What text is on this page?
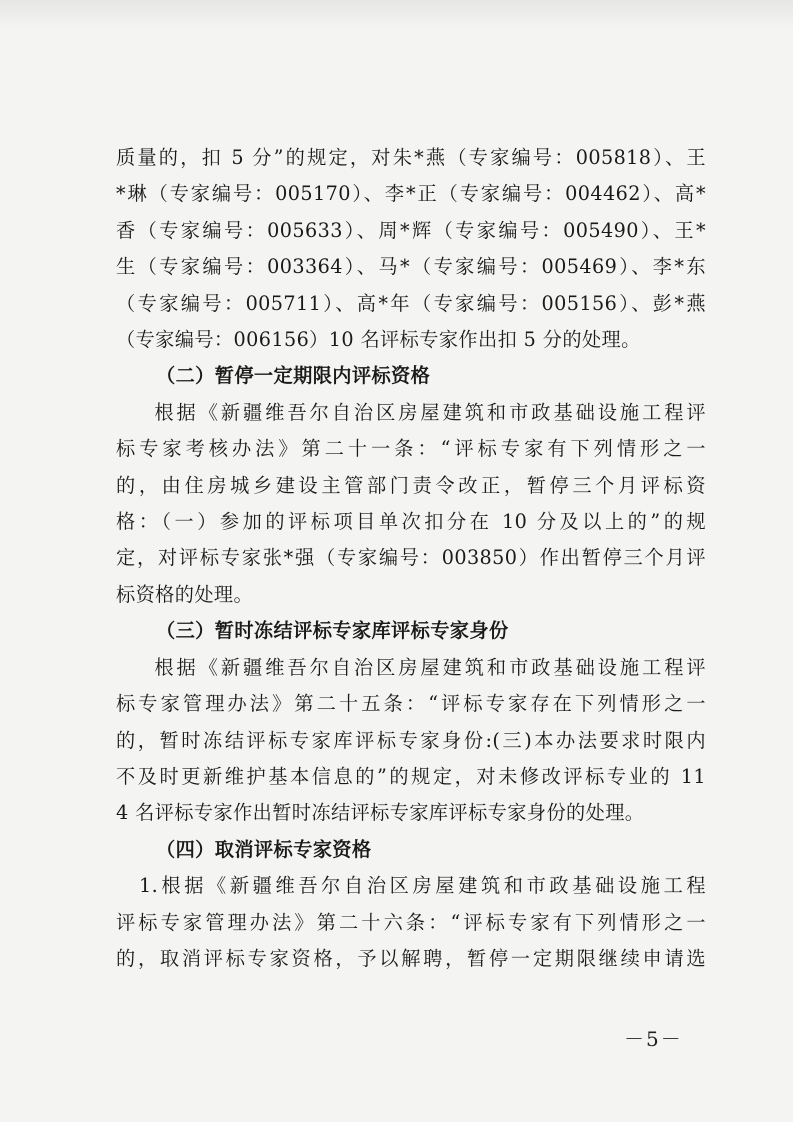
质量的，扣 5 分”的规定，对朱*燕（专家编号：005818）、王

*琳（专家编号：005170）、李*正（专家编号：004462）、高*

香（专家编号：005633）、周*辉（专家编号：005490）、王*

生（专家编号：003364）、马*（专家编号：005469）、李*东

（专家编号：005711）、高*年（专家编号：005156）、彭*燕

（专家编号：006156）10 名评标专家作出扣 5 分的处理。

（二）暂停一定期限内评标资格

根据《新疆维吾尔自治区房屋建筑和市政基础设施工程评

标专家考核办法》第二十一条：“评标专家有下列情形之一

的，由住房城乡建设主管部门责令改正，暂停三个月评标资

格：（一）参加的评标项目单次扣分在 10 分及以上的”的规

定，对评标专家张*强（专家编号：003850）作出暂停三个月评

标资格的处理。

（三）暂时冻结评标专家库评标专家身份

根据《新疆维吾尔自治区房屋建筑和市政基础设施工程评

标专家管理办法》第二十五条：“评标专家存在下列情形之一

的，暂时冻结评标专家库评标专家身份:(三)本办法要求时限内

不及时更新维护基本信息的”的规定，对未修改评标专业的 11

4 名评标专家作出暂时冻结评标专家库评标专家身份的处理。

（四）取消评标专家资格

1.根据《新疆维吾尔自治区房屋建筑和市政基础设施工程

评标专家管理办法》第二十六条：“评标专家有下列情形之一

的，取消评标专家资格，予以解聘，暂停一定期限继续申请选

－5－
